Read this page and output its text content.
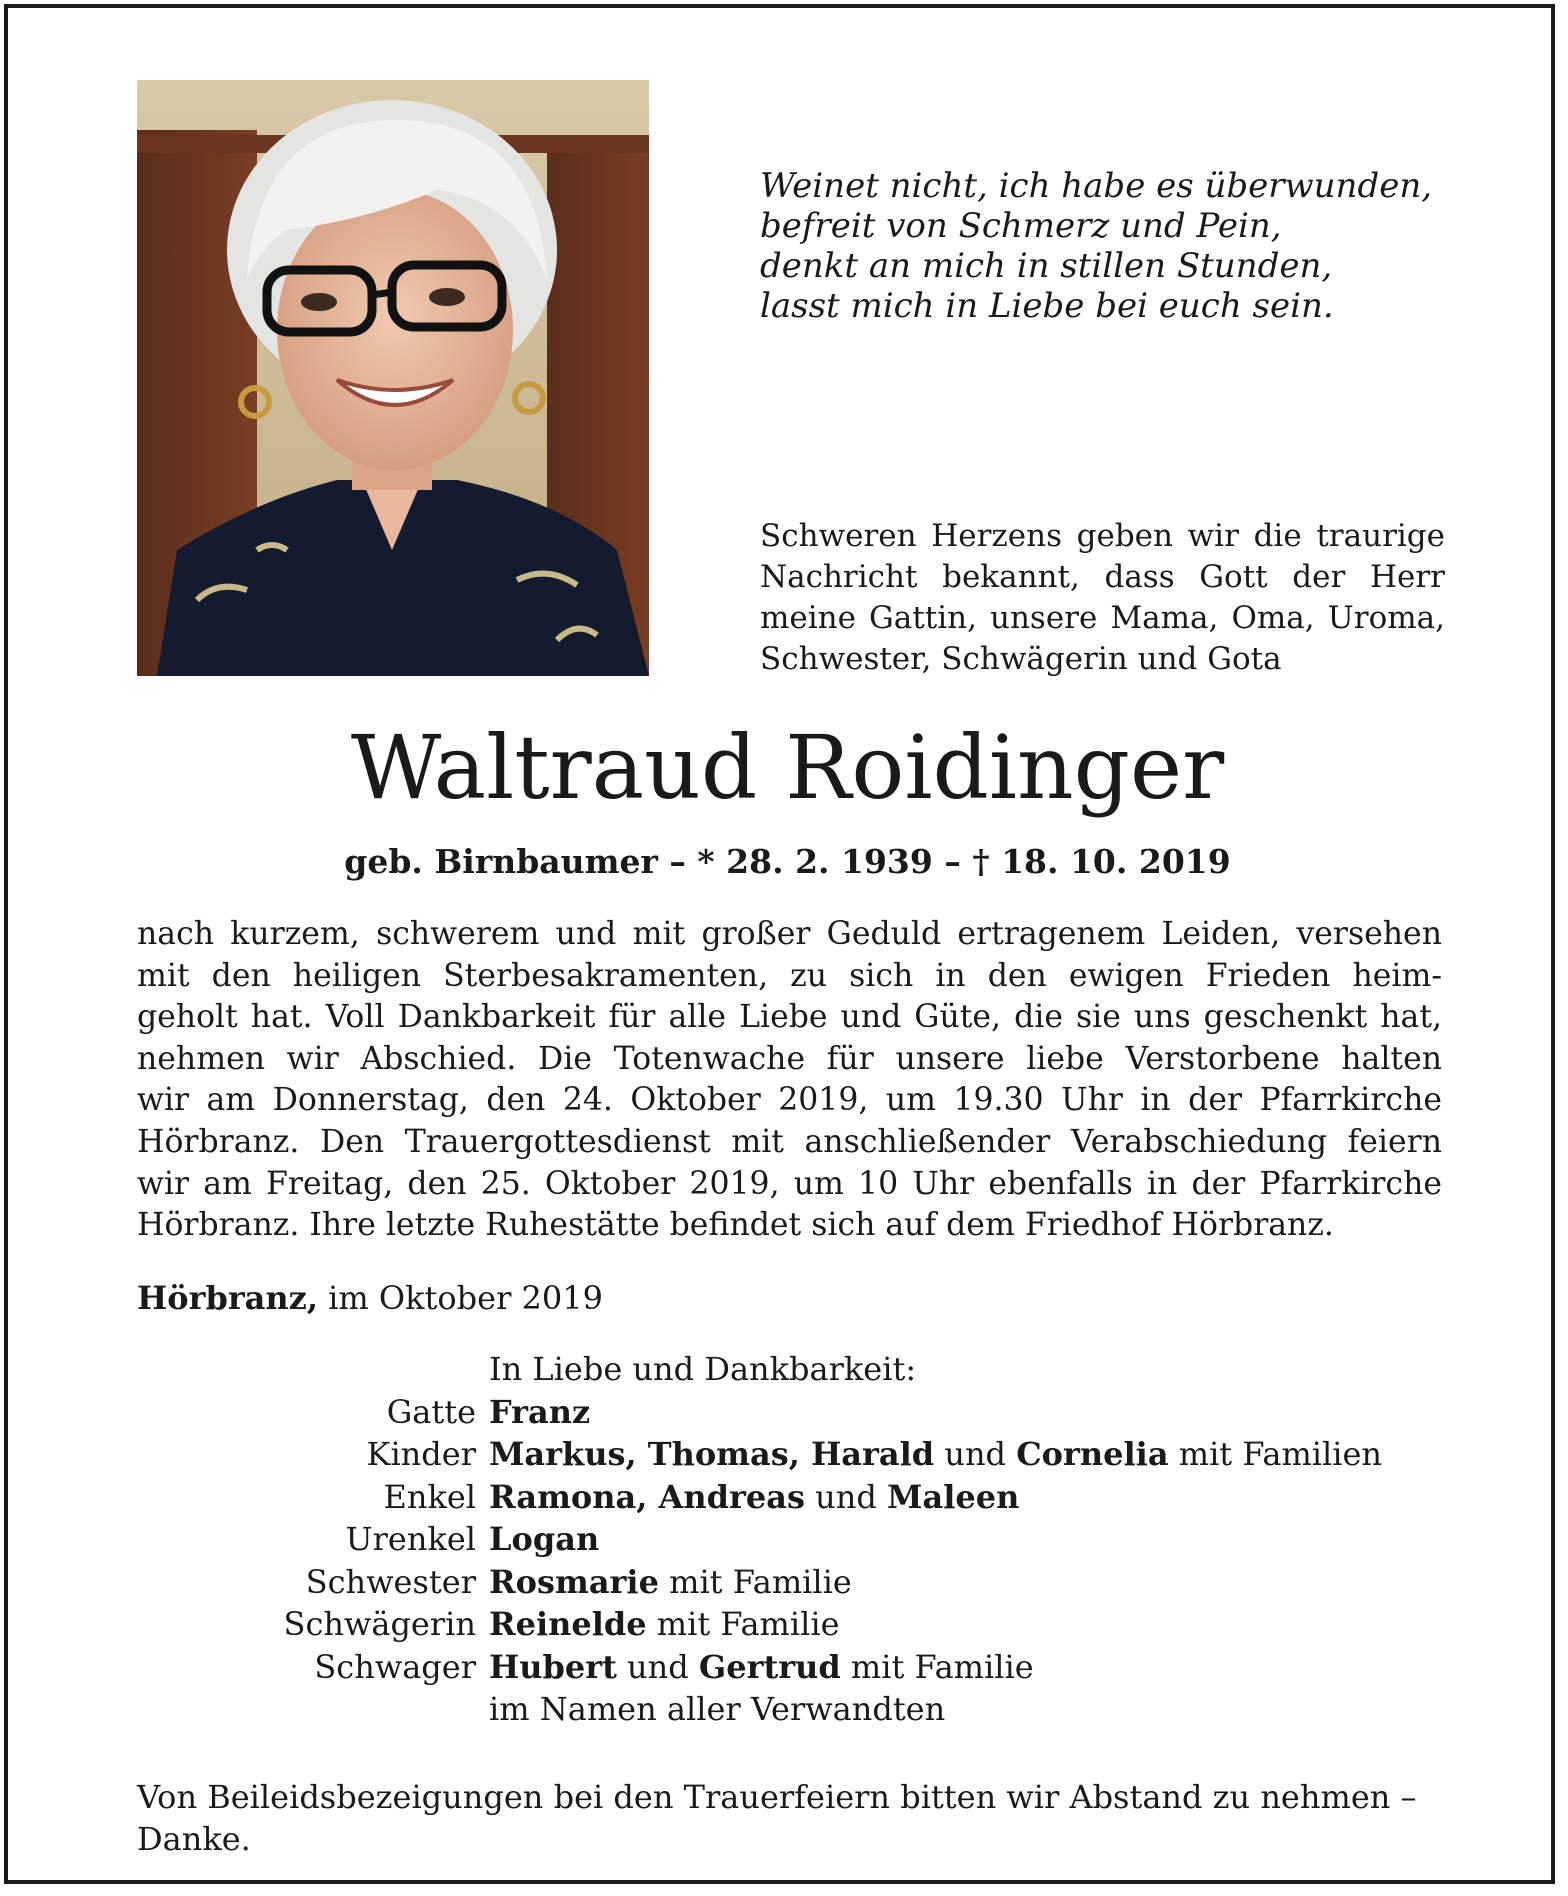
Weinet nicht, ich habe es überwunden,
befreit von Schmerz und Pein,
denkt an mich in stillen Stunden,
lasst mich in Liebe bei euch sein.
Schweren Herzens geben wir die traurige Nachricht bekannt, dass Gott der Herr meine Gattin, unsere Mama, Oma, Uroma, Schwester, Schwägerin und Gota
Waltraud Roidinger
geb. Birnbaumer – * 28. 2. 1939 – † 18. 10. 2019
nach kurzem, schwerem und mit großer Geduld ertragenem Leiden, versehen
mit den heiligen Sterbesakramenten, zu sich in den ewigen Frieden heim-
geholt hat. Voll Dankbarkeit für alle Liebe und Güte, die sie uns geschenkt hat,
nehmen wir Abschied. Die Totenwache für unsere liebe Verstorbene halten
wir am Donnerstag, den 24. Oktober 2019, um 19.30 Uhr in der Pfarrkirche
Hörbranz. Den Trauergottesdienst mit anschließender Verabschiedung feiern
wir am Freitag, den 25. Oktober 2019, um 10 Uhr ebenfalls in der Pfarrkirche
Hörbranz. Ihre letzte Ruhestätte befindet sich auf dem Friedhof Hörbranz.
Hörbranz, im Oktober 2019
In Liebe und Dankbarkeit:
Gatte Franz
Kinder Markus, Thomas, Harald und Cornelia mit Familien
Enkel Ramona, Andreas und Maleen
Urenkel Logan
Schwester Rosmarie mit Familie
Schwägerin Reinelde mit Familie
Schwager Hubert und Gertrud mit Familie
im Namen aller Verwandten
Von Beileidsbezeigungen bei den Trauerfeiern bitten wir Abstand zu nehmen –
Danke.
